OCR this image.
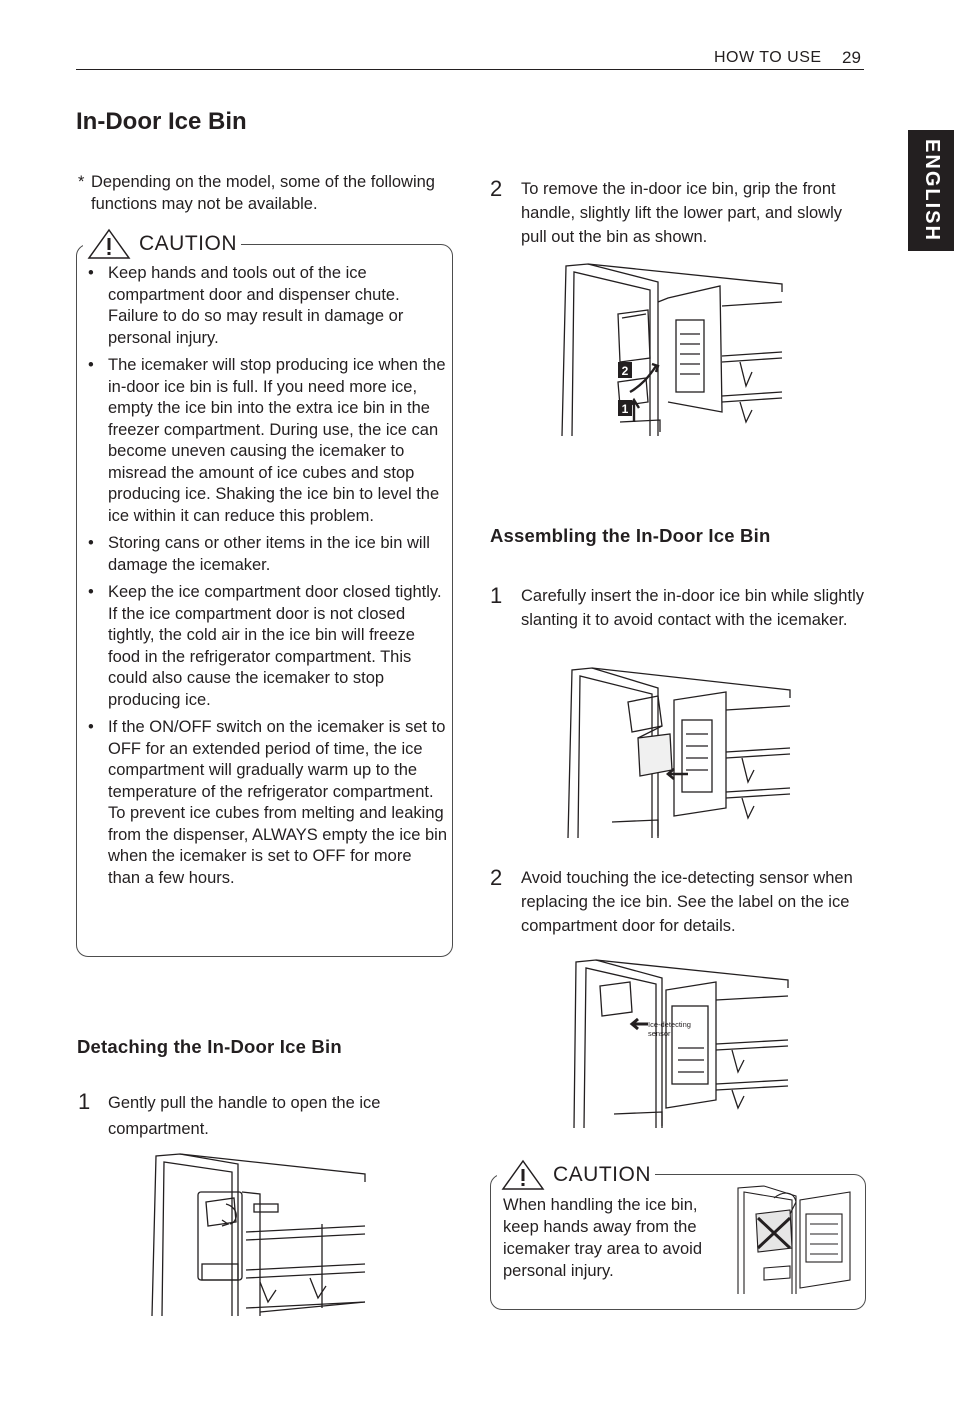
HOW TO USE 29
ENGLISH
In-Door Ice Bin
* Depending on the model, some of the following functions may not be available.
CAUTION
• Keep hands and tools out of the ice compartment door and dispenser chute. Failure to do so may result in damage or personal injury.
• The icemaker will stop producing ice when the in-door ice bin is full. If you need more ice, empty the ice bin into the extra ice bin in the freezer compartment. During use, the ice can become uneven causing the icemaker to misread the amount of ice cubes and stop producing ice. Shaking the ice bin to level the ice within it can reduce this problem.
• Storing cans or other items in the ice bin will damage the icemaker.
• Keep the ice compartment door closed tightly. If the ice compartment door is not closed tightly, the cold air in the ice bin will freeze food in the refrigerator compartment. This could also cause the icemaker to stop producing ice.
• If the ON/OFF switch on the icemaker is set to OFF for an extended period of time, the ice compartment will gradually warm up to the temperature of the refrigerator compartment. To prevent ice cubes from melting and leaking from the dispenser, ALWAYS empty the ice bin when the icemaker is set to OFF for more than a few hours.
Detaching the In-Door Ice Bin
1 Gently pull the handle to open the ice compartment.
2 To remove the in-door ice bin, grip the front handle, slightly lift the lower part, and slowly pull out the bin as shown.
2
1
Assembling the In-Door Ice Bin
1 Carefully insert the in-door ice bin while slightly slanting it to avoid contact with the icemaker.
2 Avoid touching the ice-detecting sensor when replacing the ice bin. See the label on the ice compartment door for details.
Ice-detecting
sensor
CAUTION
When handling the ice bin, keep hands away from the icemaker tray area to avoid personal injury.
